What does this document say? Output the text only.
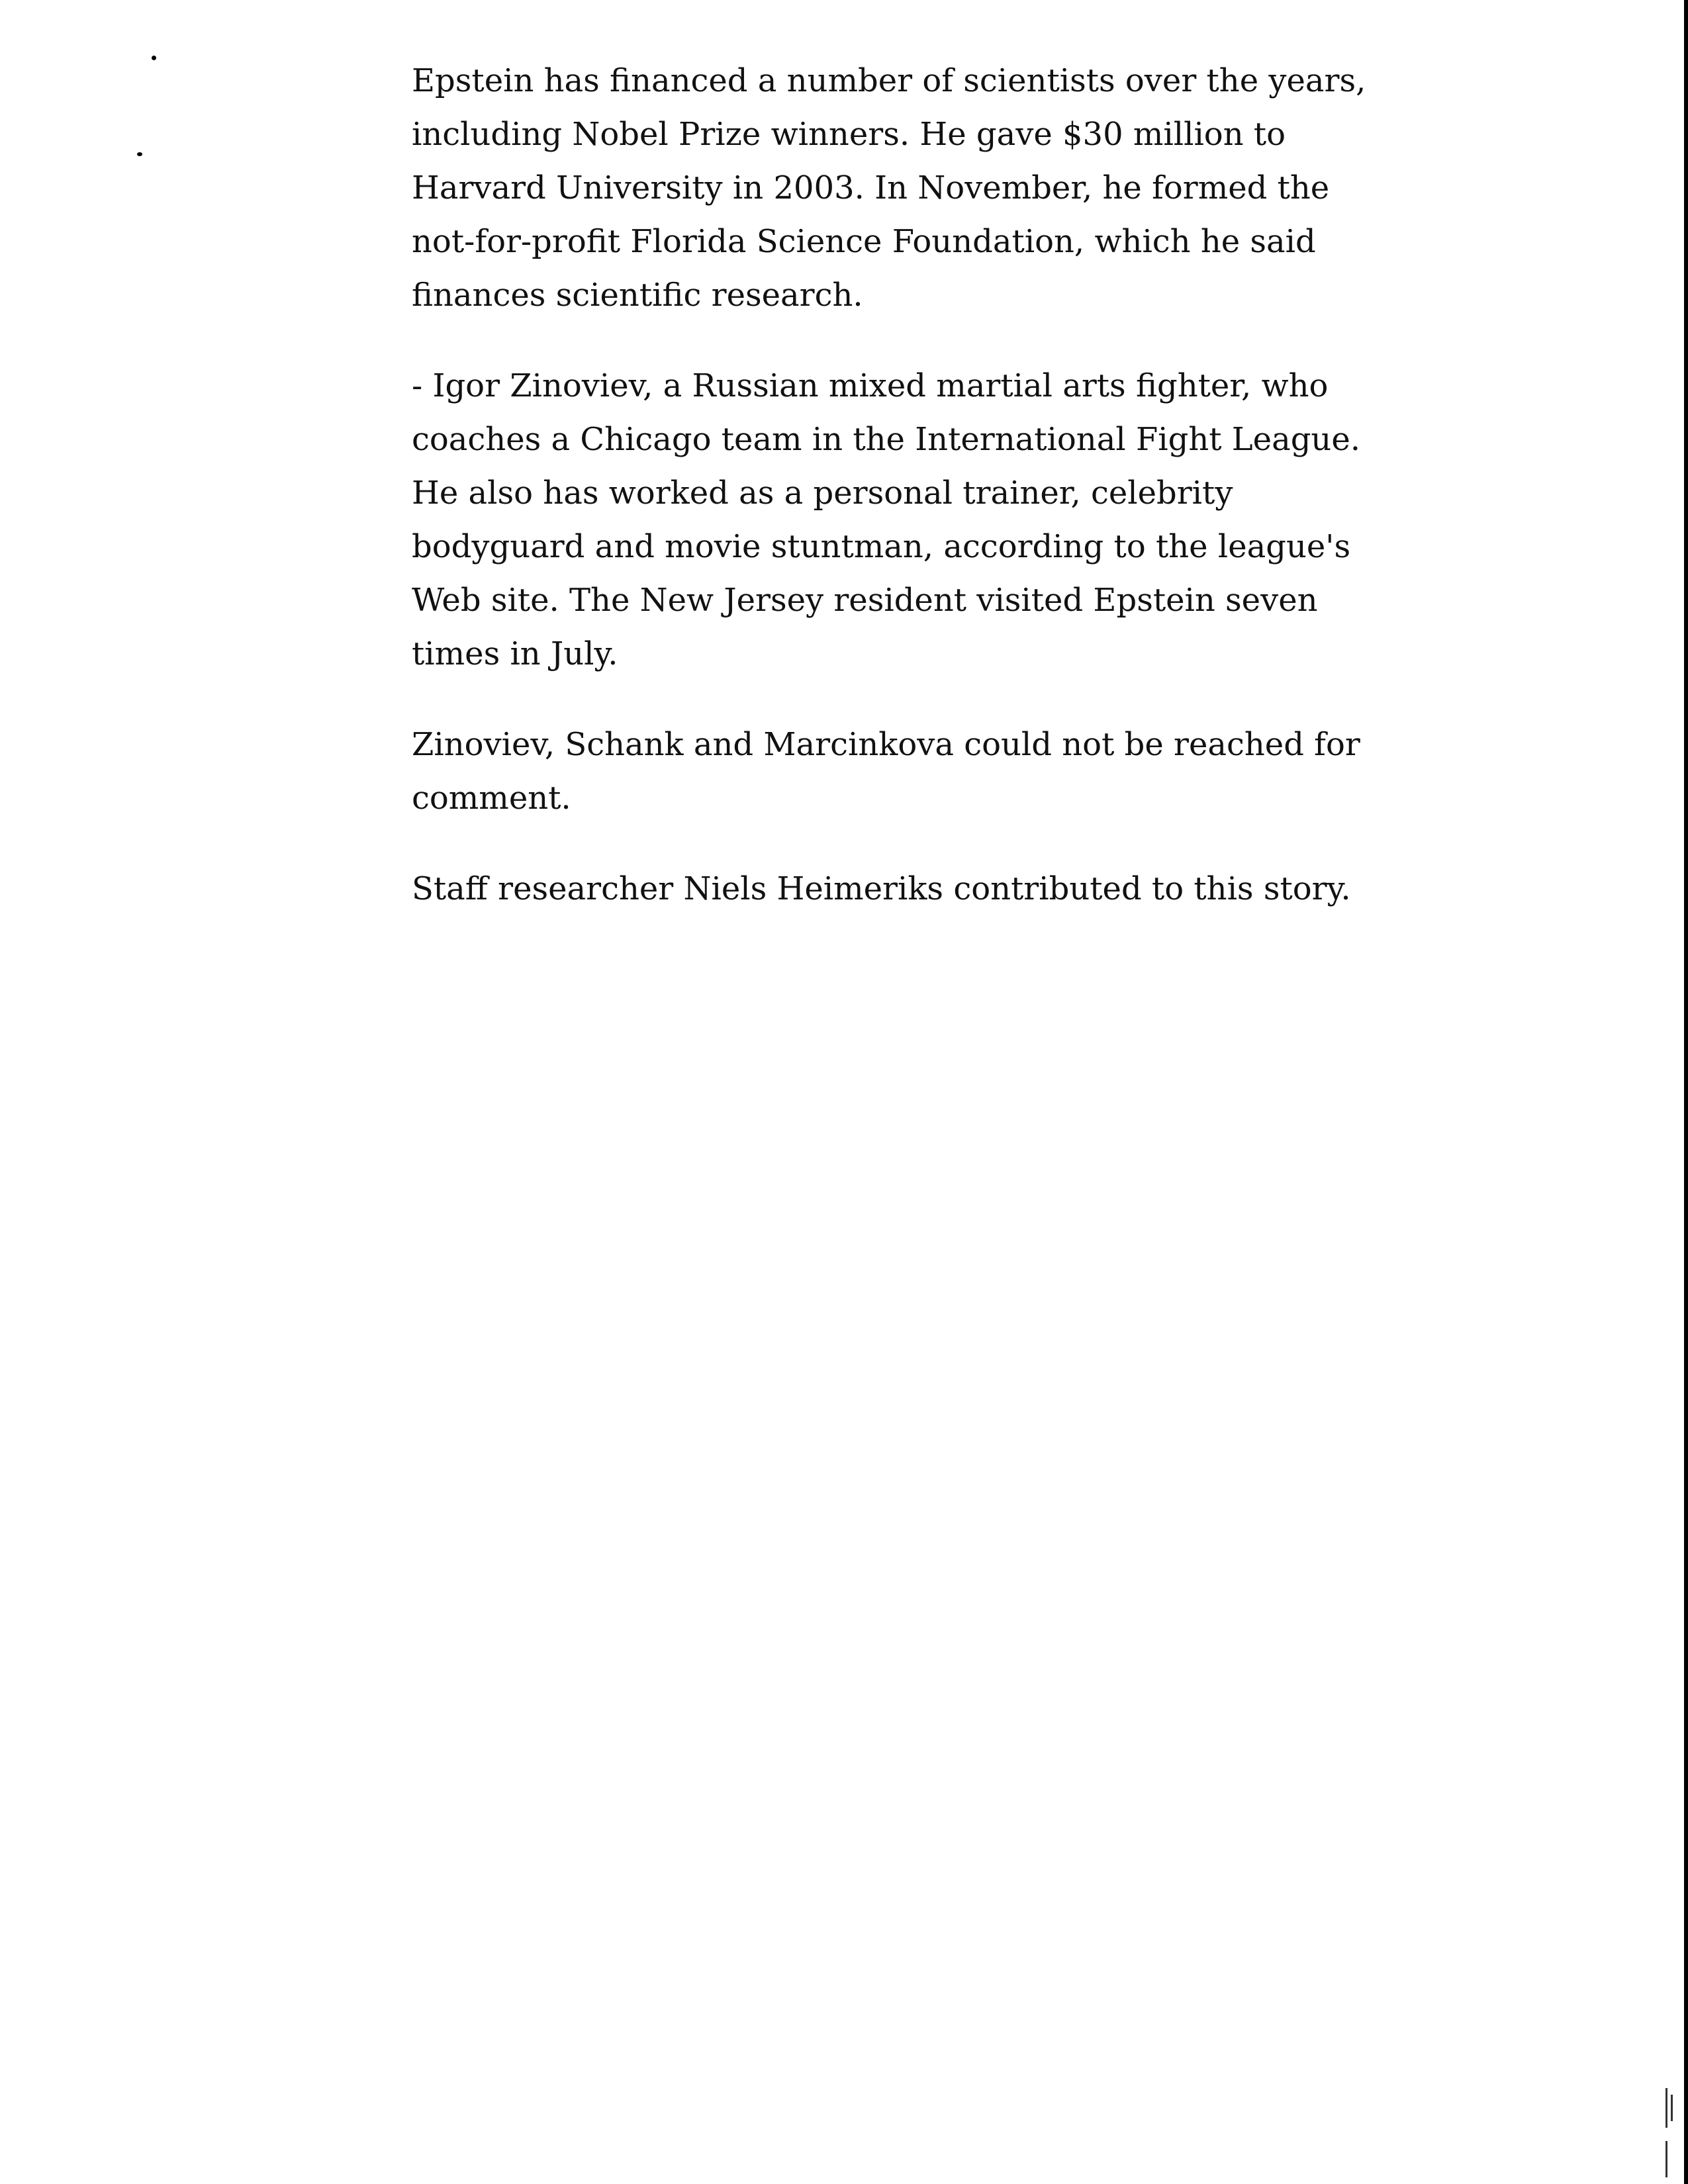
Epstein has financed a number of scientists over the years,
including Nobel Prize winners. He gave $30 million to
Harvard University in 2003. In November, he formed the
not-for-profit Florida Science Foundation, which he said
finances scientific research.

- Igor Zinoviev, a Russian mixed martial arts fighter, who
coaches a Chicago team in the International Fight League.
He also has worked as a personal trainer, celebrity
bodyguard and movie stuntman, according to the league's
Web site. The New Jersey resident visited Epstein seven
times in July.

Zinoviev, Schank and Marcinkova could not be reached for
comment.

Staff researcher Niels Heimeriks contributed to this story.
